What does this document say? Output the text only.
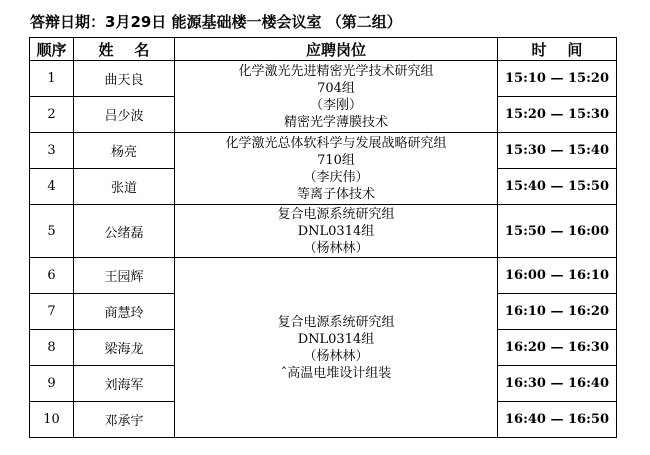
答辩日期：3月29日 能源基础楼一楼会议室 （第二组）
顺序	姓    名	应聘岗位	时    间
1	曲天良	化学激光先进精密光学技术研究组
704组
（李刚）
精密光学薄膜技术	15:10 — 15:20
2	吕少波		15:20 — 15:30
3	杨亮	化学激光总体软科学与发展战略研究组
710组
（李庆伟）
等离子体技术	15:30 — 15:40
4	张道		15:40 — 15:50
5	公绪磊	复合电源系统研究组
DNL0314组
（杨林林）	15:50 — 16:00
6	王园辉	复合电源系统研究组
DNL0314组
（杨林林）
ˆ高温电堆设计组装	16:00 — 16:10
7	商慧玲		16:10 — 16:20
8	梁海龙		16:20 — 16:30
9	刘海军		16:30 — 16:40
10	邓承宇		16:40 — 16:50
